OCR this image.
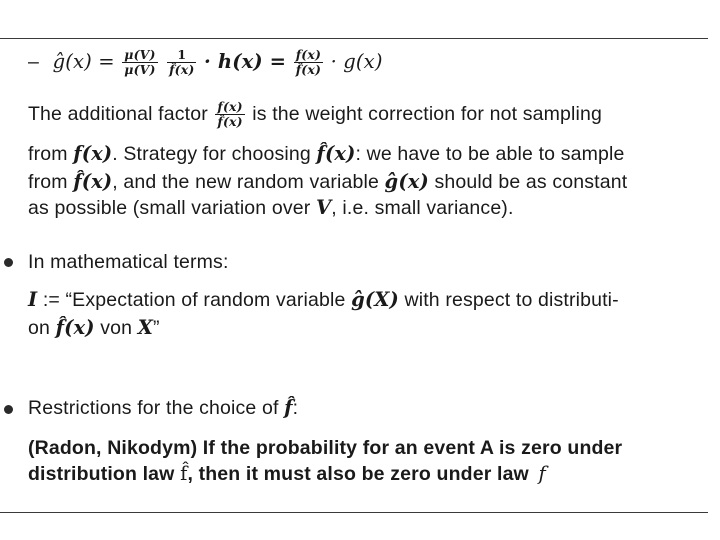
– ĝ(x) = $\frac{\mu(V)}{\mu(V)}$
$\frac{1}{f̂(x)} \cdot h(x) = \frac{f(x)}{f̂(x)} \cdot g(x)$
The additional factor $\frac{f(x)}{f̂(x)}$ is the weight correction for not sampling
from f(x). Strategy for choosing f̂(x): we have to be able to sample
from f̂(x), and the new random variable ĝ(x) should be as constant
as possible (small variation over V, i.e. small variance).
In mathematical terms:
I := “Expectation of random variable ĝ(X) with respect to distributi-
on f̂(x) von X”
Restrictions for the choice of f̂:
(Radon, Nikodym) If the probability for an event A is zero under
distribution law f̂, then it must also be zero under law f
